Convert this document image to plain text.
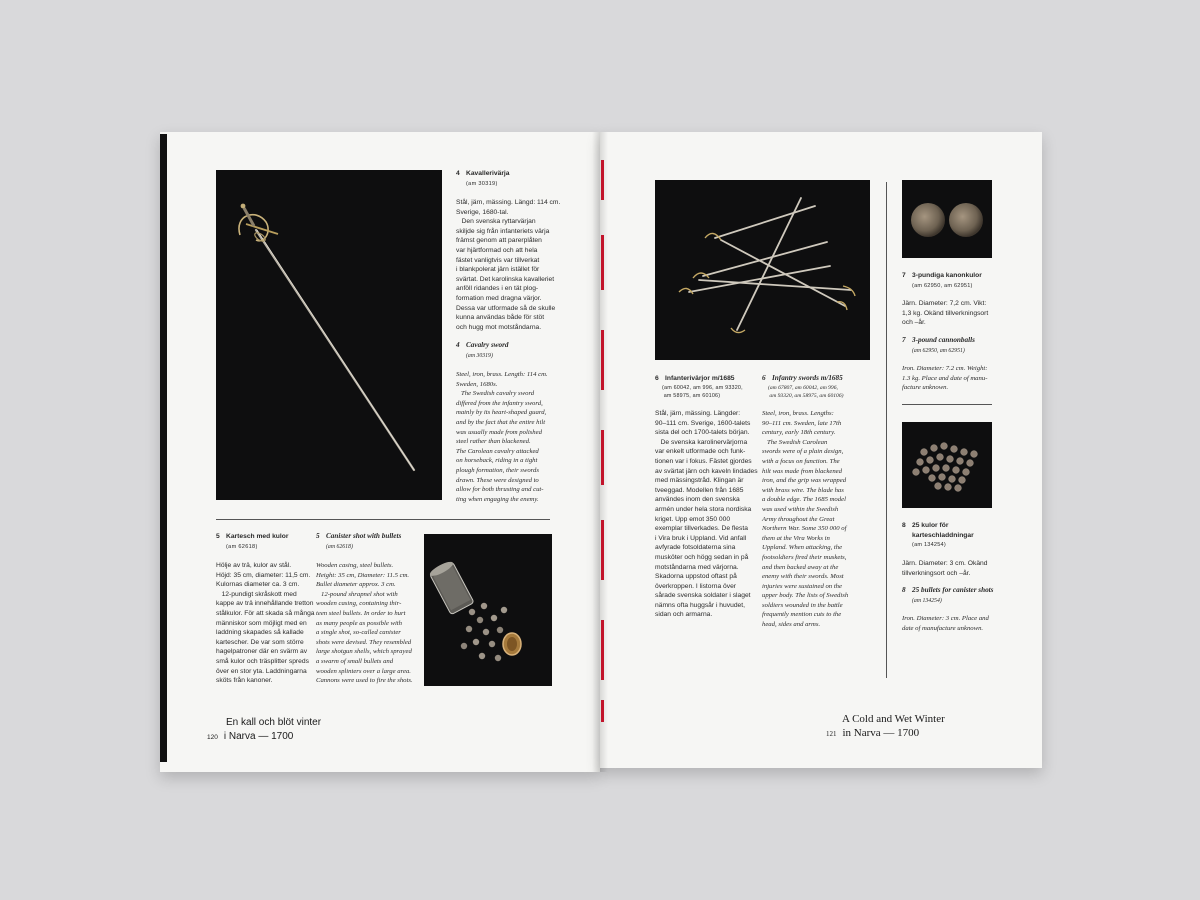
4 Kavallerivärja
(am 30319)
Stål, järn, mässing. Längd: 114 cm.
Sverige, 1680-tal.
Den svenska ryttarvärjan
skiljde sig från infanteriets värja
främst genom att parerplåten
var hjärtformad och att hela
fästet vanligtvis var tillverkat
i blankpolerat järn istället för
svärtat. Det karolinska kavalleriet
anföll ridandes i en tät plog-
formation med dragna värjor.
Dessa var utformade så de skulle
kunna användas både för stöt
och hugg mot motståndarna.
4 Cavalry sword
(am 30319)
Steel, iron, brass. Length: 114 cm.
Sweden, 1680s.
The Swedish cavalry sword
differed from the infantry sword,
mainly by its heart-shaped guard,
and by the fact that the entire hilt
was usually made from polished
steel rather than blackened.
The Carolean cavalry attacked
on horseback, riding in a tight
plough formation, their swords
drawn. These were designed to
allow for both thrusting and cut-
ting when engaging the enemy.
5 Kartesch med kulor
(am 62618)
Hölje av trä, kulor av stål.
Höjd: 35 cm, diameter: 11,5 cm.
Kulornas diameter ca. 3 cm.
12-pundigt skråskott med
kappe av trä innehållande tretton
stålkulor. För att skada så många
människor som möjligt med en
laddning skapades så kallade
kartescher. De var som större
hagelpatroner där en svärm av
små kulor och träsplitter spreds
över en stor yta. Laddningarna
sköts från kanoner.
5 Canister shot with bullets
(am 62618)
Wooden casing, steel bullets.
Height: 35 cm, Diameter: 11.5 cm.
Bullet diameter approx. 3 cm.
12-pound shrapnel shot with
wooden casing, containing thir-
teen steel bullets. In order to hurt
as many people as possible with
a single shot, so-called canister
shots were devised. They resembled
large shotgun shells, which sprayed
a swarm of small bullets and
wooden splinters over a large area.
Cannons were used to fire the shots.
En kall och blöt vinter
120 i Narva — 1700
6 Infanterivärjor m/1685
(am 60042, am 996, am 93320,
am 58975, am 60106)
Stål, järn, mässing. Längder:
90–111 cm. Sverige, 1600-talets
sista del och 1700-talets början.
De svenska karolinervärjorna
var enkelt utformade och funk-
tionen var i fokus. Fästet gjordes
av svärtat järn och kaveln lindades
med mässingstråd. Klingan är
tveeggad. Modellen från 1685
användes inom den svenska
armén under hela stora nordiska
kriget. Upp emot 350 000
exemplar tillverkades. De flesta
i Vira bruk i Uppland. Vid anfall
avfyrade fotsoldaterna sina
musköter och högg sedan in på
motståndarna med värjorna.
Skadorna uppstod oftast på
överkroppen. I listorna över
sårade svenska soldater i slaget
nämns ofta huggsår i huvudet,
sidan och armarna.
6 Infantry swords m/1685
(am 67807, am 60042, am 996,
am 93320, am 58975, am 60106)
Steel, iron, brass. Lengths:
90–111 cm. Sweden, late 17th
century, early 18th century.
The Swedish Carolean
swords were of a plain design,
with a focus on function. The
hilt was made from blackened
iron, and the grip was wrapped
with brass wire. The blade has
a double edge. The 1685 model
was used within the Swedish
Army throughout the Great
Northern War. Some 350 000 of
them at the Vira Works in
Uppland. When attacking, the
footsoldiers fired their muskets,
and then backed away at the
enemy with their swords. Most
injuries were sustained on the
upper body. The lists of Swedish
soldiers wounded in the battle
frequently mention cuts to the
head, sides and arms.
7 3-pundiga kanonkulor
(am 62950, am 62951)
Järn. Diameter: 7,2 cm. Vikt:
1,3 kg. Okänd tillverkningsort
och –år.
7 3-pound cannonballs
(am 62950, am 62951)
Iron. Diameter: 7.2 cm. Weight:
1.3 kg. Place and date of manu-
facture unknown.
8 25 kulor för
karteschladdningar
(am 134254)
Järn. Diameter: 3 cm. Okänd
tillverkningsort och –år.
8 25 bullets for canister shots
(am 134254)
Iron. Diameter: 3 cm. Place and
date of manufacture unknown.
A Cold and Wet Winter
121 in Narva — 1700
